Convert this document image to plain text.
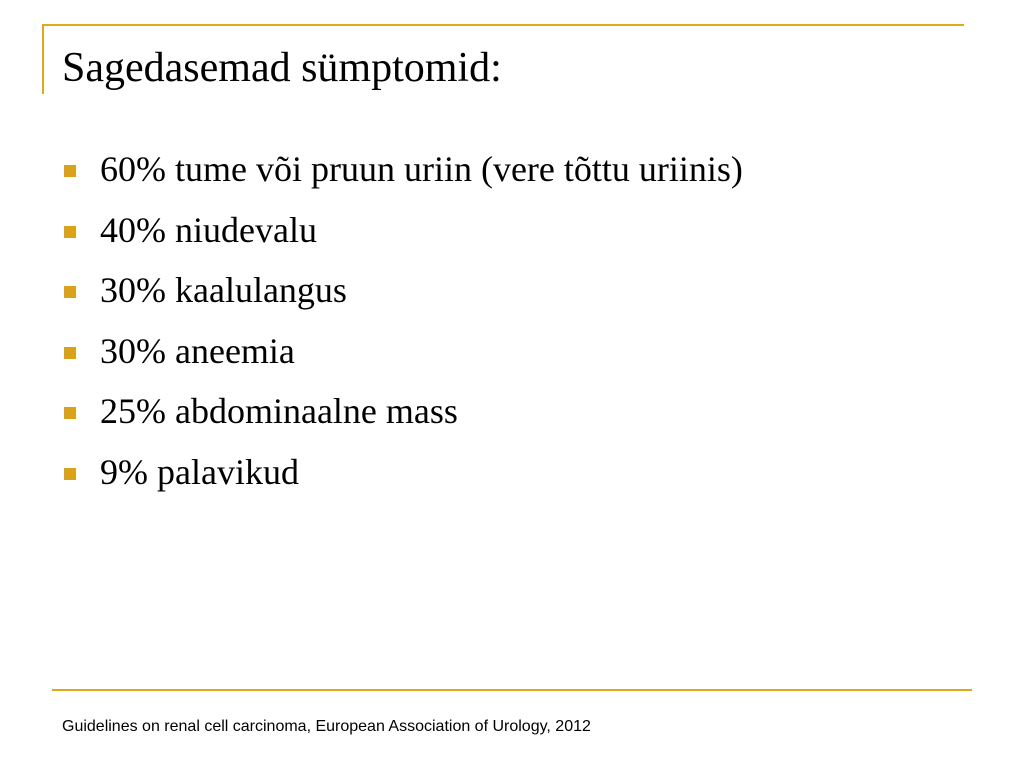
Sagedasemad sümptomid:
60% tume või pruun uriin (vere tõttu uriinis)
40% niudevalu
30% kaalulangus
30% aneemia
25% abdominaalne mass
9% palavikud
Guidelines on renal cell carcinoma, European Association of Urology, 2012
